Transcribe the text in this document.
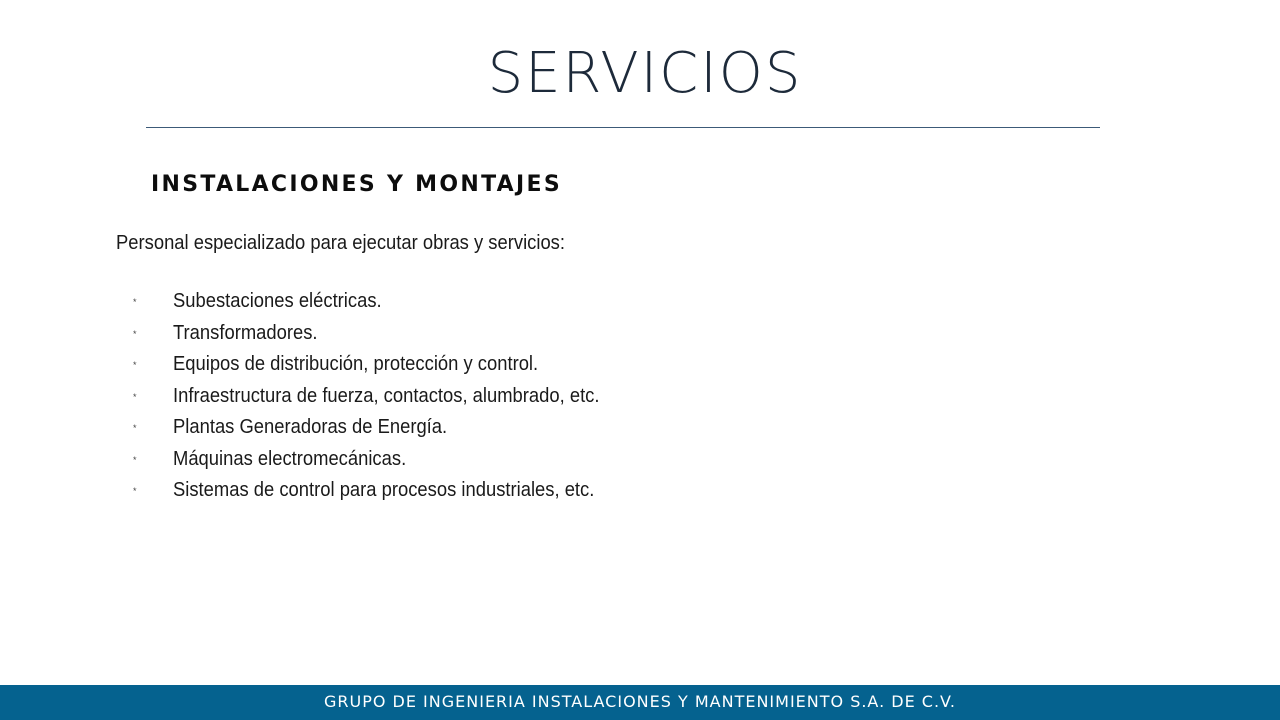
SERVICIOS
INSTALACIONES Y MONTAJES

Personal especializado para ejecutar obras y servicios:

* Subestaciones eléctricas.
* Transformadores.
* Equipos de distribución, protección y control.
* Infraestructura de fuerza, contactos, alumbrado, etc.
* Plantas Generadoras de Energía.
* Máquinas electromecánicas.
* Sistemas de control para procesos industriales, etc.

GRUPO DE INGENIERIA INSTALACIONES Y MANTENIMIENTO S.A. DE C.V.
